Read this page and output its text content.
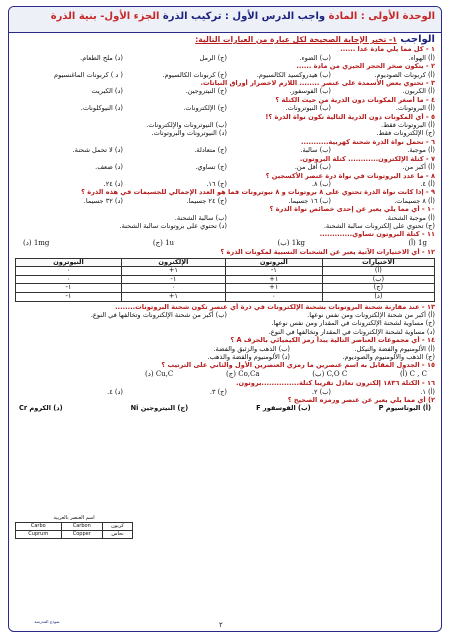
الوحدة الأولى : المادة واجب الدرس الأول : تركيب الذرة الجزء الأول- بنية الذرة
الواجب ١- تخير الإجابة الصحيحة لكل عبارة من العبارات التالية:
١ - كل مما يلي مادة عدا ......
(أ) الهواء.
(ب) الضوء.
(ج) الرمل
(د) ملح الطعام.
٢ - يتكون صخر الحجر الجيري من مادة ......
(أ) كربونات الصوديوم.
(ب) هيدروكسيد الكالسيوم.
(ج) كربونات الكالسيوم.
( د ) كربونات الماغنسيوم
٣ - تحتوي بعض الأسمدة على عنصر ........ اللازم لاخضرار أوراق النباتات.
(أ) الكربون.
(ب) الفوسفور.
(ج) النيتروجين.
(د) الكبريت
٤ - ما أصغر المكونات دون الذرية من حيث الكتلة ؟
(أ) البروتونات.
(ب) النيوترونات.
(ج) الإلكترونات.
(د) النيوكلونات.
٥ - أي المكونات دون الذرية التالية تكون نواة الذرة ؟!
(أ) البروتونات فقط.
(ب) النيوترونات والإلكترونات.
(ج) الإلكترونات فقط.
(د) النيوترونات والبروتونات.
٦ - تحمل نواة الذرة شحنة كهربية...........
(أ) موجبة.
(ب) سالبة.
(ج) متعادلة.
(د) لا تحمل شحنة.
٧ - كتلة الإلكترون............ كتلة البروتون.
(أ) أكبر من.
(ب) أقل من.
(ج) تساوي.
(د) ضعف.
٨ - ما عدد البروتونات في نواة ذرة عنصر الأكسجين ؟
(أ) ٤.
(ب) ٨.
(ج) ١٦.
(د) ٢٤.
٩ - إذا كانت نواة الذرة تحتوي على ٨ بروتونات و ٨ نيوترونات فما هو العدد الإجمالي للجسيمات في هذه الذرة ؟
(أ) ٨ جسيمات.
(ب) ١٦ جسيما.
(ج) ٢٤ جسيما.
(د) ٣٢ جسيما.
١٠ - أي مما يلي يعبر عن إحدى خصائص نواة الذرة ؟
(أ) موجبة الشحنة.
(ب) سالبة الشحنة.
(ج) تحتوي على إلكترونات سالبة الشحنة.
(د) تحتوي على بروتونات سالبة الشحنة.
١١ - كتلة البروتون تساوي.............
(د) 1mg	(ج) 1u	(ب) 1kg	(أ) 1g
١٢ - أي الاختيارات الآتية يعبر عن الشحنات النسبية لمكونات الذرة ؟
الاختيارات	البروتون	الإلكترون	النيوترون
(أ)	١-	١+	٠
(ب)	١+	١-	٠
(ج)	١+	٠	١-
(د)	٠	١+	١-
١٣ - عند مقارنة شحنة البروتونات بشحنة الإلكترونات في ذرة أي عنصر تكون شحنة البروتونات........
(أ) أكبر من شحنة الإلكترونات ومن نفس نوعها.
(ب) أكبر من شحنة الإلكترونات وتخالفها في النوع.
(ج) مساوية لشحنة الإلكترونات في المقدار ومن نفس نوعها.
(د) مساوية لشحنة الإلكترونات في المقدار وتخالفها في النوع.
١٤ - أي مجموعات العناصر التالية يبدأ رمز الكيميائي بالحرف A ؟
(أ) الألومنيوم والفضة والنيكل.
(ب) الذهب والزئبق والفضة.
(ج) الذهب والألومنيوم والصوديوم.
(د) الألومنيوم والفضة والذهب.
١٥ - الجدول المقابل به اسم عنصرين ما رمزي العنصرين الأول والثاني على الترتيب ؟
(د) Cu,C	(ج) Co,Ca	(ب) C,O C	(أ) C , C
١٦ - الكتلة ١٨٣٦ إلكترون تعادل تقريبا كتلة...............بروتون.
(أ) ١.
(ب) ٢.
(ج) ٣.
(د) ٤.
٢) أي مما يلي يعبر عن عنصر ورمزه الصحيح ؟
(أ) البوتاسيوم P
(ب) الفوسفور F
(ج) النيتروجين Ni
(د) الكروم Cr
اسم العنصر بالعربية
Carbo	Carbon	كربون
Cuprum	Copper	نحاس
نموذج المدرسة	٢
